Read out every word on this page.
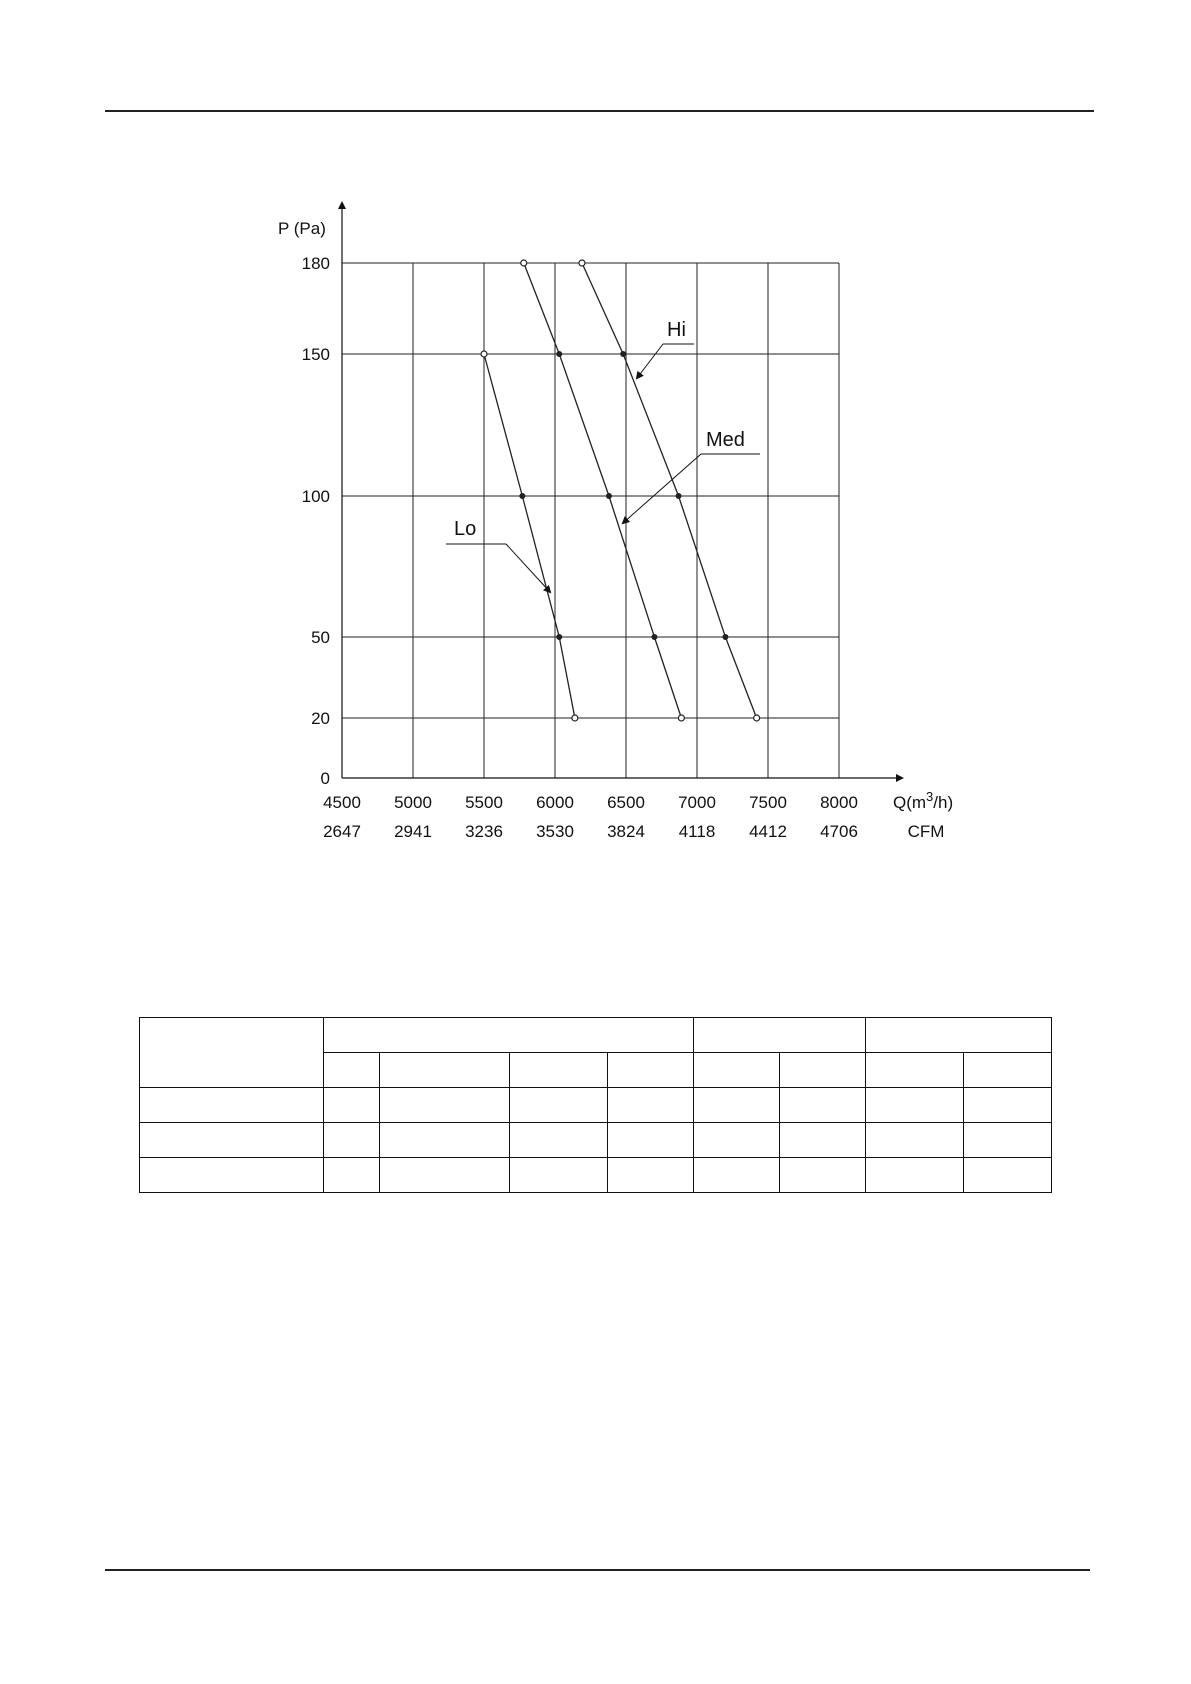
0
20
50
100
150
180
P (Pa)
4500
2647
5000
2941
5500
3236
6000
3530
6500
3824
7000
4118
7500
4412
8000
4706
$Q(m^3/h)$
CFM
Lo
Med
Hi
